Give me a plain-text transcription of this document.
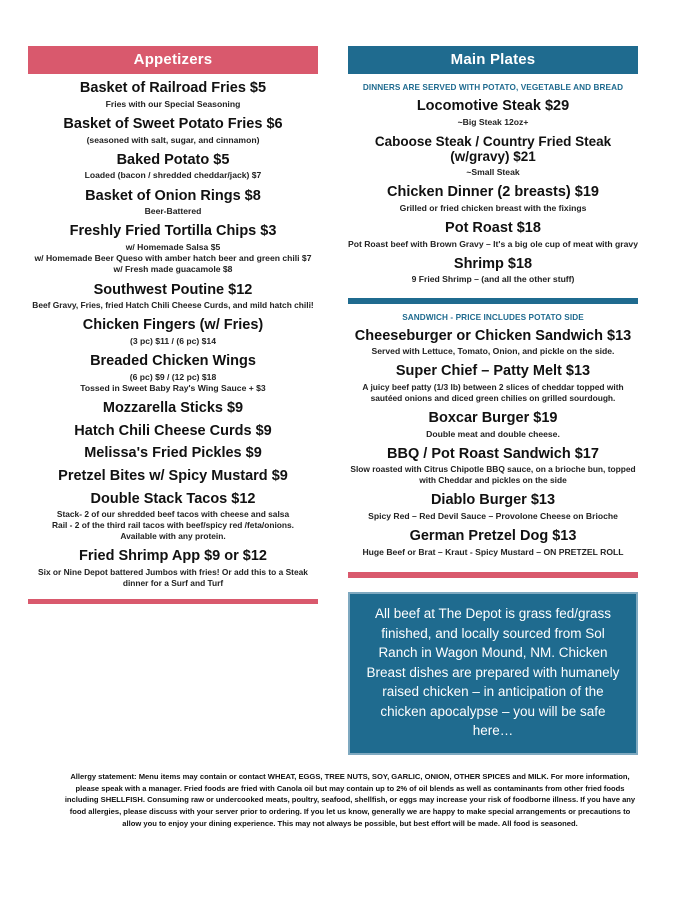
Appetizers
Basket of Railroad Fries $5
Fries with our Special Seasoning
Basket of Sweet Potato Fries $6
(seasoned with salt, sugar, and cinnamon)
Baked Potato $5
Loaded (bacon / shredded cheddar/jack) $7
Basket of Onion Rings $8
Beer-Battered
Freshly Fried Tortilla Chips $3
w/ Homemade Salsa $5
w/ Homemade Beer Queso with amber hatch beer and green chili $7
w/ Fresh made guacamole $8
Southwest Poutine $12
Beef Gravy, Fries, fried Hatch Chili Cheese Curds, and mild hatch chili!
Chicken Fingers (w/ Fries)
(3 pc) $11 / (6 pc) $14
Breaded Chicken Wings
(6 pc) $9 / (12 pc) $18
Tossed in Sweet Baby Ray's Wing Sauce + $3
Mozzarella Sticks $9
Hatch Chili Cheese Curds $9
Melissa's Fried Pickles $9
Pretzel Bites w/ Spicy Mustard $9
Double Stack Tacos $12
Stack- 2 of our shredded beef tacos with cheese and salsa
Rail - 2 of the third rail tacos with beef/spicy red /feta/onions.
Available with any protein.
Fried Shrimp App $9 or $12
Six or Nine Depot battered Jumbos with fries! Or add this to a Steak dinner for a Surf and Turf
Main Plates
DINNERS ARE SERVED WITH POTATO, VEGETABLE AND BREAD
Locomotive Steak $29
~Big Steak 12oz+
Caboose Steak / Country Fried Steak (w/gravy) $21
~Small Steak
Chicken Dinner (2 breasts) $19
Grilled or fried chicken breast with the fixings
Pot Roast $18
Pot Roast beef with Brown Gravy – It's a big ole cup of meat with gravy
Shrimp $18
9 Fried Shrimp – (and all the other stuff)
SANDWICH - PRICE INCLUDES POTATO SIDE
Cheeseburger or Chicken Sandwich $13
Served with Lettuce, Tomato, Onion, and pickle on the side.
Super Chief – Patty Melt $13
A juicy beef patty (1/3 lb) between 2 slices of cheddar topped with sautéed onions and diced green chilies on grilled sourdough.
Boxcar Burger $19
Double meat and double cheese.
BBQ / Pot Roast Sandwich $17
Slow roasted with Citrus Chipotle BBQ sauce, on a brioche bun, topped with Cheddar and pickles on the side
Diablo Burger $13
Spicy Red – Red Devil Sauce – Provolone Cheese on Brioche
German Pretzel Dog $13
Huge Beef or Brat – Kraut - Spicy Mustard – ON PRETZEL ROLL
All beef at The Depot is grass fed/grass finished, and locally sourced from Sol Ranch in Wagon Mound, NM. Chicken Breast dishes are prepared with humanely raised chicken – in anticipation of the chicken apocalypse – you will be safe here…
Allergy statement: Menu items may contain or contact WHEAT, EGGS, TREE NUTS, SOY, GARLIC, ONION, OTHER SPICES and MILK. For more information, please speak with a manager. Fried foods are fried with Canola oil but may contain up to 2% of oil blends as well as contaminants from other fried foods including SHELLFISH. Consuming raw or undercooked meats, poultry, seafood, shellfish, or eggs may increase your risk of foodborne illness. If you have any food allergies, please discuss with your server prior to ordering. If you let us know, generally we are happy to make special arrangements or precautions to allow you to enjoy your dining experience. This may not always be possible, but best effort will be made. All food is seasoned.
